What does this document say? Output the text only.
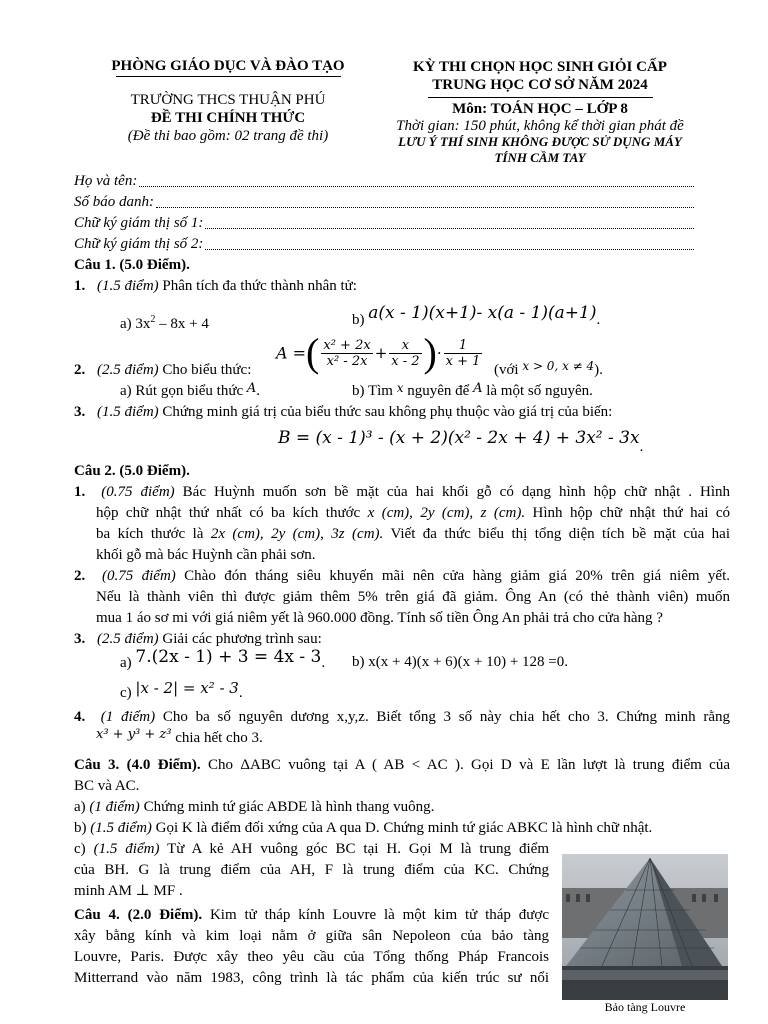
PHÒNG GIÁO DỤC VÀ ĐÀO TẠO
TRƯỜNG THCS THUẬN PHÚ
ĐỀ THI CHÍNH THỨC
(Đề thi bao gồm: 02 trang đề thi)
KỲ THI CHỌN HỌC SINH GIỎI CẤP
TRUNG HỌC CƠ SỞ NĂM 2024
Môn: TOÁN HỌC – LỚP 8
Thời gian: 150 phút, không kể thời gian phát đề
LƯU Ý THÍ SINH KHÔNG ĐƯỢC SỬ DỤNG MÁY
TÍNH CẦM TAY
Họ và tên:
Số báo danh:
Chữ ký giám thị số 1:
Chữ ký giám thị số 2:
Câu 1. (5.0 Điểm).
1. (1.5 điểm) Phân tích đa thức thành nhân tử:
a) $3x^2 - 8x + 4$	b) a(x - 1)(x+1)- x(a - 1)(a+1).
A =( $\frac{\text{x² + 2x}}{\text{x² - 2x}} + \frac{x}{x - 2}$ )· $\frac{1}{x + 1}$
2. (2.5 điểm) Cho biểu thức:	(với $^{x > 0, x \ne 4}$).
a) Rút gọn biểu thức A.	b) Tìm $^x$ nguyên để A là một số nguyên.
3. (1.5 điểm) Chứng minh giá trị của biểu thức sau không phụ thuộc vào giá trị của biến:
B = (x - 1)³ - (x + 2)(x² - 2x + 4) + 3x² - 3x.
Câu 2. (5.0 Điểm).
1. (0.75 điểm) Bác Huỳnh muốn sơn bề mặt của hai khối gỗ có dạng hình hộp chữ nhật . Hình
hộp chữ nhật thứ nhất có ba kích thước x (cm), 2y (cm), z (cm). Hình hộp chữ nhật thứ hai có
ba kích thước là 2x (cm), 2y (cm), 3z (cm). Viết đa thức biểu thị tổng diện tích bề mặt của hai
khối gỗ mà bác Huỳnh cần phải sơn.
2. (0.75 điểm) Chào đón tháng siêu khuyến mãi nên cửa hàng giảm giá 20% trên giá niêm yết.
Nếu là thành viên thì được giảm thêm 5% trên giá đã giảm. Ông An (có thẻ thành viên) muốn
mua 1 áo sơ mi với giá niêm yết là 960.000 đồng. Tính số tiền Ông An phải trả cho cửa hàng ?
3. (2.5 điểm) Giải các phương trình sau:
a) 7.(2x - 1) + 3 = 4x - 3. b) x(x + 4)(x + 6)(x + 10) + 128 =0.
c) |x - 2| = x² - 3.
4. (1 điểm) Cho ba số nguyên dương x,y,z. Biết tổng 3 số này chia hết cho 3. Chứng minh rằng
x³ + y³ + z³ chia hết cho 3.
Câu 3. (4.0 Điểm). Cho ΔABC vuông tại A ( AB < AC ). Gọi D và E lần lượt là trung điểm của
BC và AC.
a) (1 điểm) Chứng minh tứ giác ABDE là hình thang vuông.
b) (1.5 điểm) Gọi K là điểm đối xứng của A qua D. Chứng minh tứ giác ABKC là hình chữ nhật.
c) (1.5 điểm) Từ A kẻ AH vuông góc BC tại H. Gọi M là trung điểm
của BH. G là trung điểm của AH, F là trung điểm của KC. Chứng
minh AM ⊥ MF .
Câu 4. (2.0 Điểm). Kim tử tháp kính Louvre là một kim tử tháp được
xây bằng kính và kim loại nằm ở giữa sân Nepoleon của bảo tàng
Louvre, Paris. Được xây theo yêu cầu của Tổng thống Pháp Francois
Mitterrand vào năm 1983, công trình là tác phẩm của kiến trúc sư nổi
Bảo tàng Louvre
